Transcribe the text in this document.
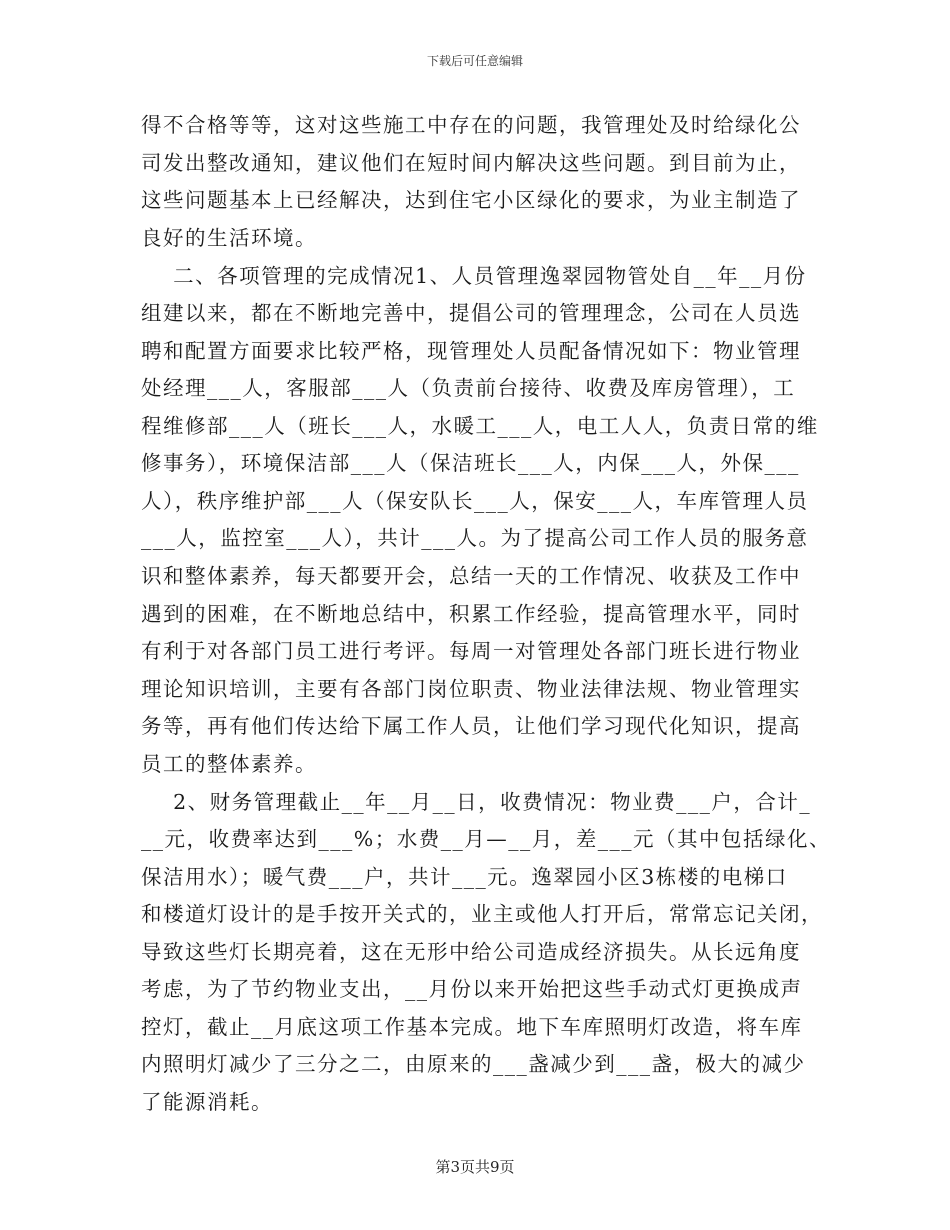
下载后可任意编辑

得不合格等等，这对这些施工中存在的问题，我管理处及时给绿化公

司发出整改通知，建议他们在短时间内解决这些问题。到目前为止，

这些问题基本上已经解决，达到住宅小区绿化的要求，为业主制造了

良好的生活环境。

二、各项管理的完成情况1、人员管理逸翠园物管处自__年__月份

组建以来，都在不断地完善中，提倡公司的管理理念，公司在人员选

聘和配置方面要求比较严格，现管理处人员配备情况如下：物业管理

处经理___人，客服部___人（负责前台接待、收费及库房管理），工

程维修部___人（班长___人，水暖工___人，电工人人，负责日常的维

修事务），环境保洁部___人（保洁班长___人，内保___人，外保___

人），秩序维护部___人（保安队长___人，保安___人，车库管理人员

___人，监控室___人），共计___人。为了提高公司工作人员的服务意

识和整体素养，每天都要开会，总结一天的工作情况、收获及工作中

遇到的困难，在不断地总结中，积累工作经验，提高管理水平，同时

有利于对各部门员工进行考评。每周一对管理处各部门班长进行物业

理论知识培训，主要有各部门岗位职责、物业法律法规、物业管理实

务等，再有他们传达给下属工作人员，让他们学习现代化知识，提高

员工的整体素养。

2、财务管理截止__年__月__日，收费情况：物业费___户，合计_

__元，收费率达到___%；水费__月—__月，差___元（其中包括绿化、

保洁用水）；暖气费___户，共计___元。逸翠园小区3栋楼的电梯口

和楼道灯设计的是手按开关式的，业主或他人打开后，常常忘记关闭，

导致这些灯长期亮着，这在无形中给公司造成经济损失。从长远角度

考虑，为了节约物业支出，__月份以来开始把这些手动式灯更换成声

控灯，截止__月底这项工作基本完成。地下车库照明灯改造，将车库

内照明灯减少了三分之二，由原来的___盏减少到___盏，极大的减少

了能源消耗。

第3页共9页
